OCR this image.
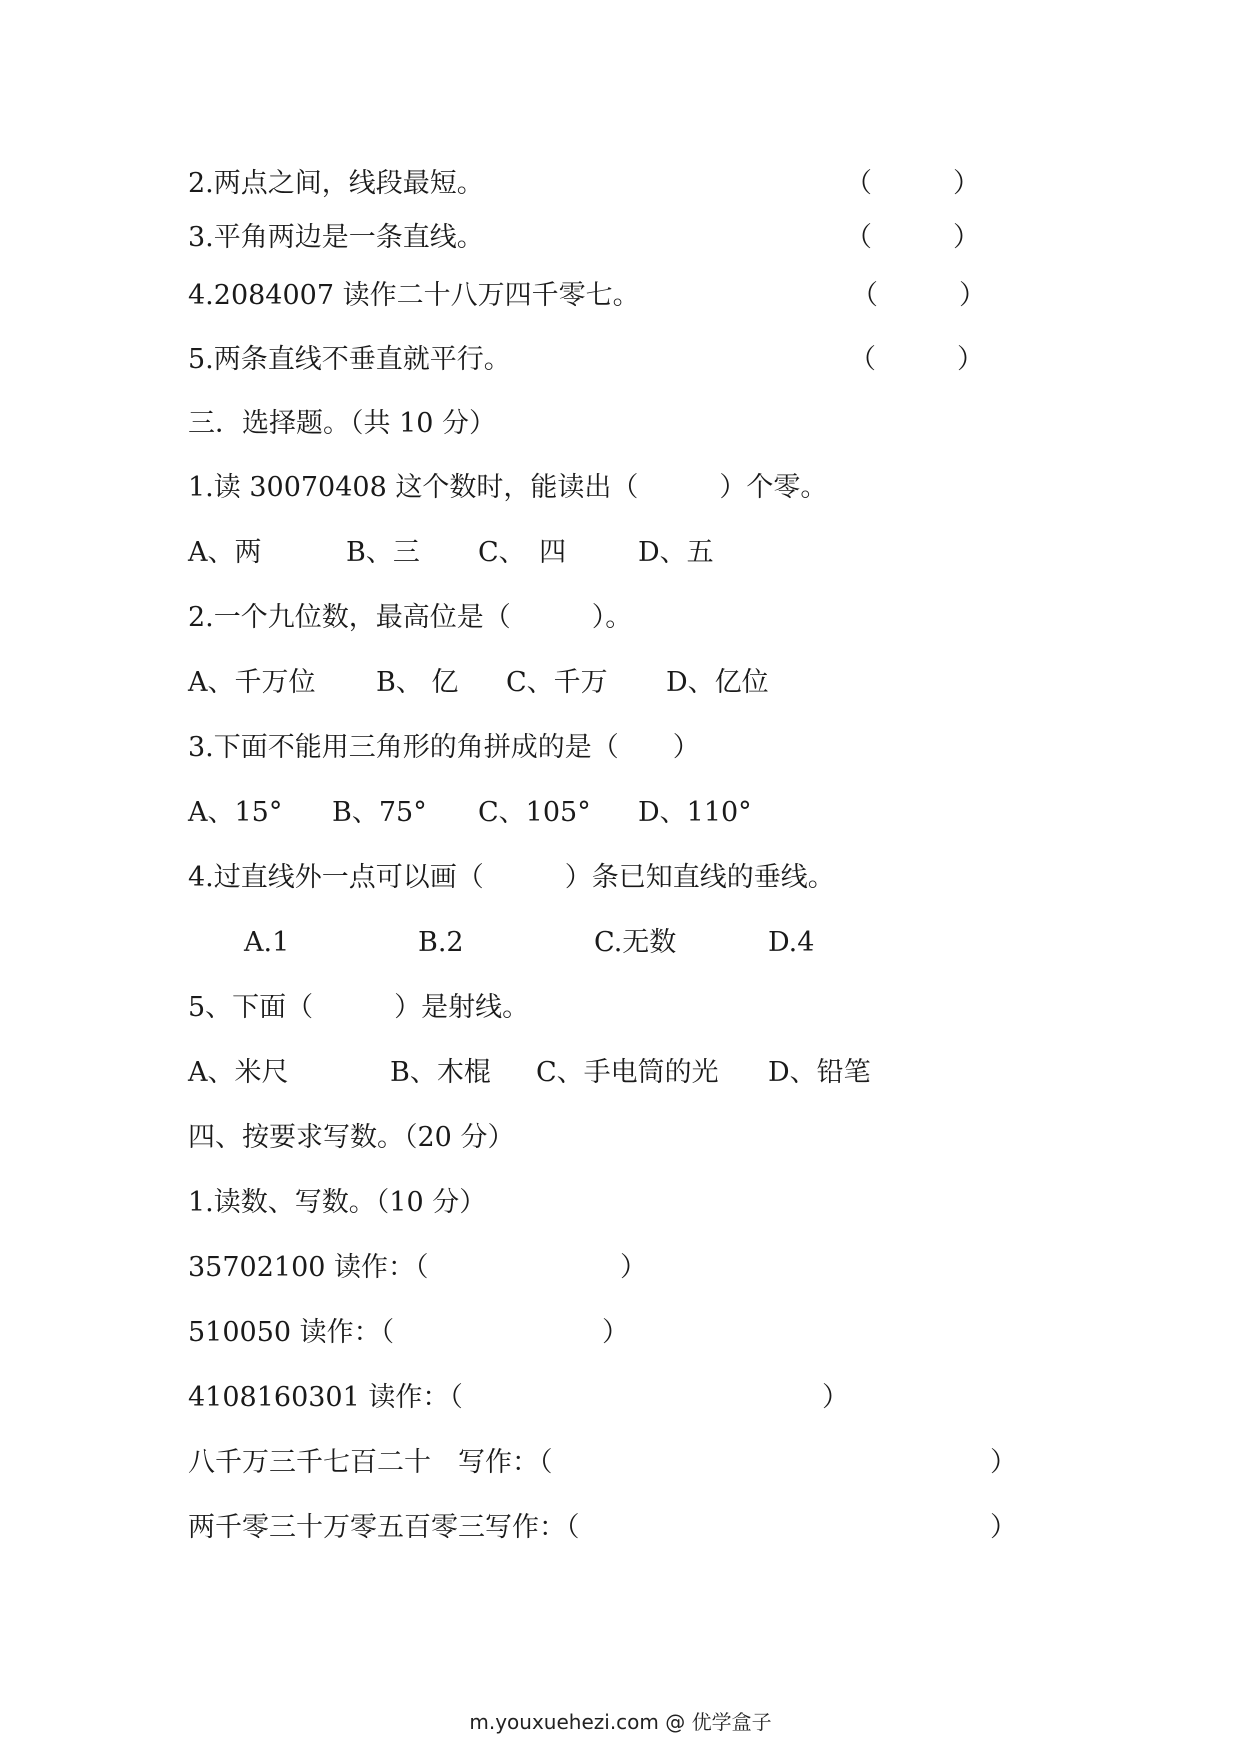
2.两点之间，线段最短。	（　　　）
3.平角两边是一条直线。	（　　　）
4.2084007 读作二十八万四千零七。	（　　　）
5.两条直线不垂直就平行。	（　　　）
三．选择题。（共 10 分）
1.读 30070408 这个数时，能读出（　　　）个零。
A、两	B、三 C、　四	D、五
2.一个九位数，最高位是（　　　）。
A、千万位 B、 亿 C、千万 D、亿位
3.下面不能用三角形的角拼成的是（　　）
A、15° B、75° C、105° D、110°
4.过直线外一点可以画（　　　）条已知直线的垂线。
A.1	B.2	C.无数	D.4
5、下面（　　　）是射线。
A、米尺	B、木棍 C、手电筒的光 D、铅笔
四、按要求写数。（20 分）
1.读数、写数。（10 分）
35702100 读作：（	）
510050 读作：（	）
4108160301 读作：（	）
八千万三千七百二十　写作：（	）
两千零三十万零五百零三写作：（	）
m.youxuehezi.com @ 优学盒子
